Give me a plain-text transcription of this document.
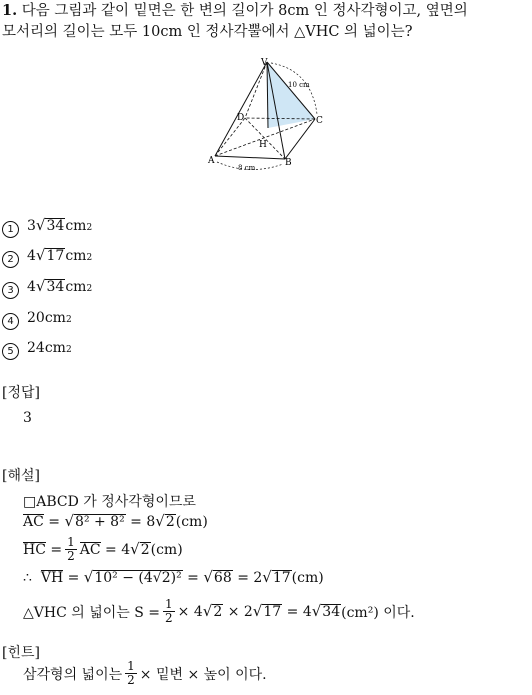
1. 다음 그림과 같이 밑면은 한 변의 길이가 8cm 인 정사각형이고, 옆면의
모서리의 길이는 모두 10cm 인 정사각뿔에서 △VHC 의 넓이는?
V
D	C
H
A	B
10 cm
8 cm
1 3 √ 34 cm 2
2 4 √ 17 cm 2
3 4 √ 34 cm 2
4 20cm 2
5 24cm 2
[정답]
3
[해설]
□ABCD 가 정사각형이므로
AC
=
√ 8² + 8²
= 8 √ 2 (cm)
HC
= $\frac{1}{2}$ AC
= 4 √ 2 (cm)
∴
VH
=
√ 10² − (4√2)²
=
√ 68
= 2 √ 17 (cm)
△VHC 의 넓이는 $S = \frac{1}{2} \times 4$ √ 2
× 2 √ 17
= 4 √ 34 (cm²) 이다.
[힌트]
삼각형의 넓이는 $\frac{1}{2}$ × 밑변 × 높이 이다.
